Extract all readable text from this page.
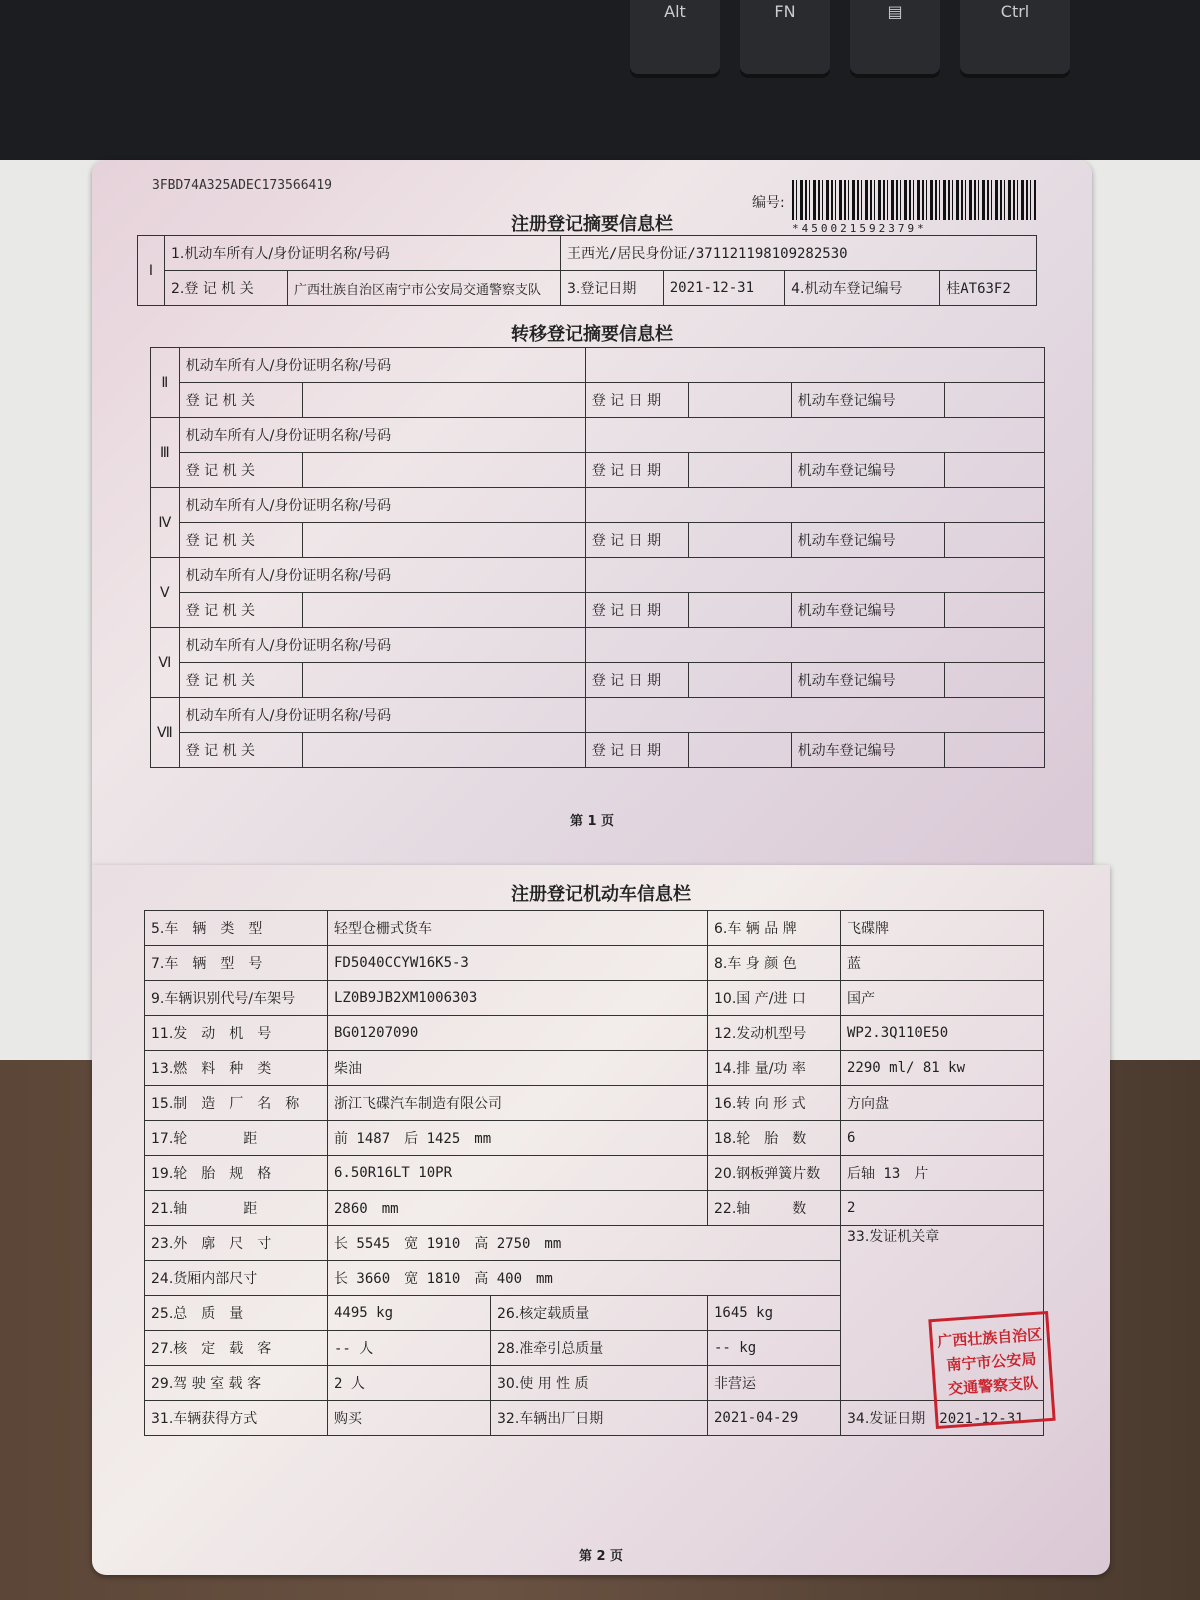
Alt	FN	▤	Ctrl
3FBD74A325ADEC173566419
编号:
*450021592379*
注册登记摘要信息栏
Ⅰ	1.机动车所有人/身份证明名称/号码		王西光/居民身份证/371121198109282530			
	2.登 记 机 关	广西壮族自治区南宁市公安局交通警察支队	3.登记日期	2021-12-31	4.机动车登记编号	桂AT63F2
转移登记摘要信息栏
Ⅱ	机动车所有人/身份证明名称/号码					
	登 记 机 关		登 记 日 期		机动车登记编号	
Ⅲ	机动车所有人/身份证明名称/号码					
	登 记 机 关		登 记 日 期		机动车登记编号	
Ⅳ	机动车所有人/身份证明名称/号码					
	登 记 机 关		登 记 日 期		机动车登记编号	
Ⅴ	机动车所有人/身份证明名称/号码					
	登 记 机 关		登 记 日 期		机动车登记编号	
Ⅵ	机动车所有人/身份证明名称/号码					
	登 记 机 关		登 记 日 期		机动车登记编号	
Ⅶ	机动车所有人/身份证明名称/号码					
	登 记 机 关		登 记 日 期		机动车登记编号	
第 1 页
注册登记机动车信息栏
5.车　辆　类　型	轻型仓栅式货车		6.车 辆 品 牌	飞碟牌
7.车　辆　型　号	FD5040CCYW16K5-3		8.车 身 颜 色	蓝
9.车辆识别代号/车架号	LZ0B9JB2XM1006303		10.国 产/进 口	国产
11.发　动　机　号	BG01207090		12.发动机型号	WP2.3Q110E50
13.燃　料　种　类	柴油		14.排 量/功 率	2290 ml/ 81 kw
15.制　造　厂　名　称	浙江飞碟汽车制造有限公司		16.转 向 形 式	方向盘
17.轮　　　　距	前 1487　后 1425　mm		18.轮　胎　数	6
19.轮　胎　规　格	6.50R16LT 10PR		20.钢板弹簧片数	后轴 13　片
21.轴　　　　距	2860　mm		22.轴　　　数	2
23.外　廓　尺　寸	长 5545　宽 1910　高 2750　mm			33.发证机关章
24.货厢内部尺寸	长 3660　宽 1810　高 400　mm			
25.总　质　量	4495 kg	26.核定载质量	1645 kg	
27.核　定　载　客	-- 人	28.准牵引总质量	-- kg	
29.驾 驶 室 载 客	2 人	30.使 用 性 质	非营运	
31.车辆获得方式	购买	32.车辆出厂日期	2021-04-29	34.发证日期　 2021-12-31
广西壮族自治区
南宁市公安局
交通警察支队
第 2 页
